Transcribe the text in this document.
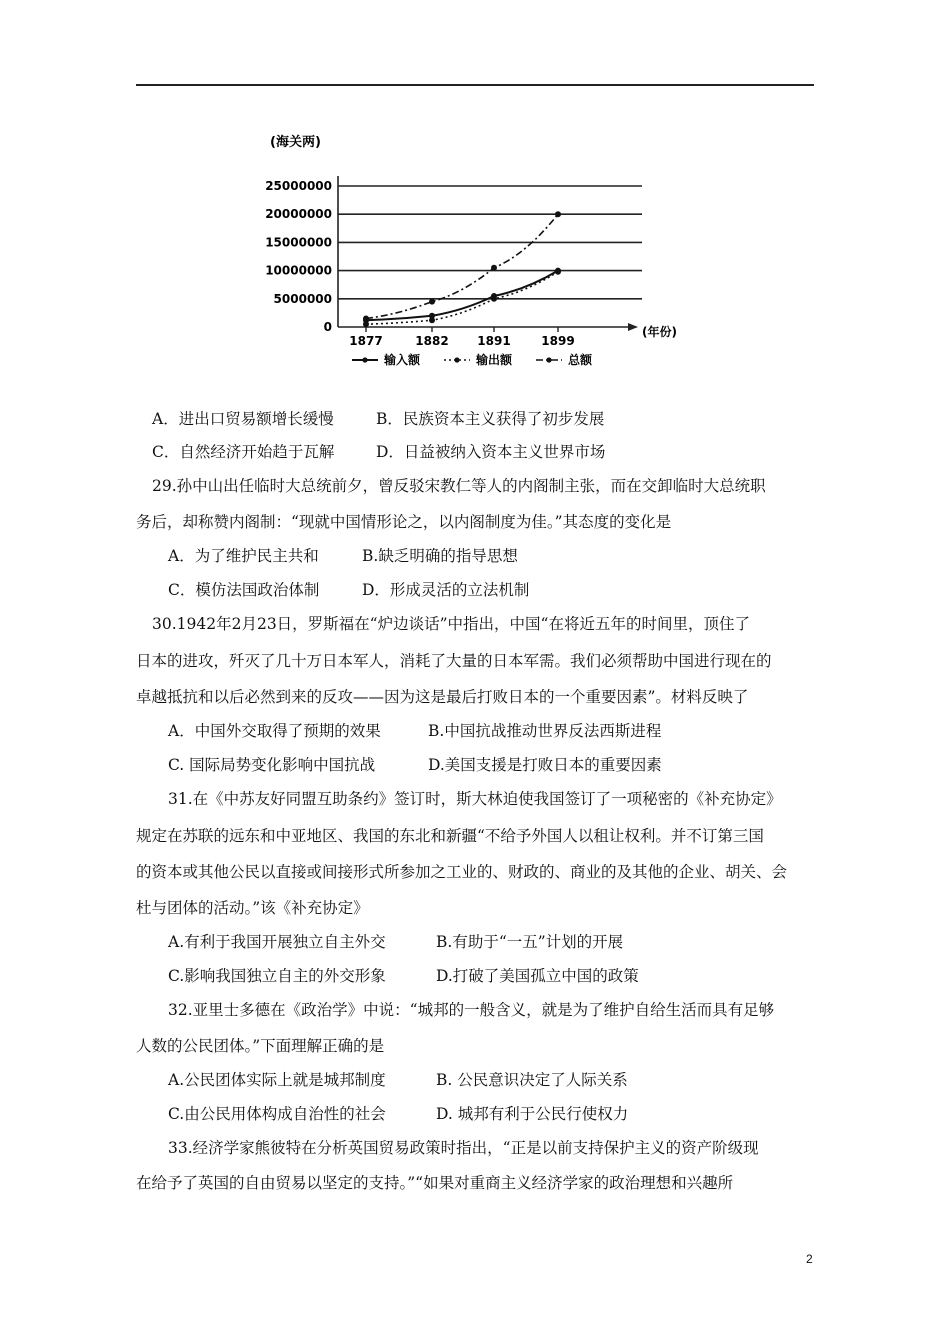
25000000
20000000
15000000
10000000
5000000
0
1877	1882 1891	1899
(海关两)
(年份)
输入额	输出额	总额
A．进出口贸易额增长缓慢	B．民族资本主义获得了初步发展
C．自然经济开始趋于瓦解	D．日益被纳入资本主义世界市场
29.孙中山出任临时大总统前夕，曾反驳宋教仁等人的内阁制主张，而在交卸临时大总统职
务后，却称赞内阁制：“现就中国情形论之，以内阁制度为佳。”其态度的变化是
A．为了维护民主共和	B.缺乏明确的指导思想
C．模仿法国政治体制	D．形成灵活的立法机制
30.1942年2月23日，罗斯福在“炉边谈话”中指出，中国“在将近五年的时间里，顶住了
日本的进攻，歼灭了几十万日本军人，消耗了大量的日本军需。我们必须帮助中国进行现在的
卓越抵抗和以后必然到来的反攻——因为这是最后打败日本的一个重要因素”。材料反映了
A．中国外交取得了预期的效果	B.中国抗战推动世界反法西斯进程
C. 国际局势变化影响中国抗战	D.美国支援是打败日本的重要因素
31.在《中苏友好同盟互助条约》签订时，斯大林迫使我国签订了一项秘密的《补充协定》
规定在苏联的远东和中亚地区、我国的东北和新疆“不给予外国人以租让权利。并不订第三国
的资本或其他公民以直接或间接形式所参加之工业的、财政的、商业的及其他的企业、胡关、会
杜与团体的活动。”该《补充协定》
A.有利于我国开展独立自主外交	B.有助于“一五”计划的开展
C.影响我国独立自主的外交形象	D.打破了美国孤立中国的政策
32.亚里士多德在《政治学》中说：“城邦的一般含义，就是为了维护自给生活而具有足够
人数的公民团体。”下面理解正确的是
A.公民团体实际上就是城邦制度	B. 公民意识决定了人际关系
C.由公民用体构成自治性的社会	D. 城邦有利于公民行使权力
33.经济学家熊彼特在分析英国贸易政策时指出，“正是以前支持保护主义的资产阶级现
在给予了英国的自由贸易以坚定的支持。”“如果对重商主义经济学家的政治理想和兴趣所
2
